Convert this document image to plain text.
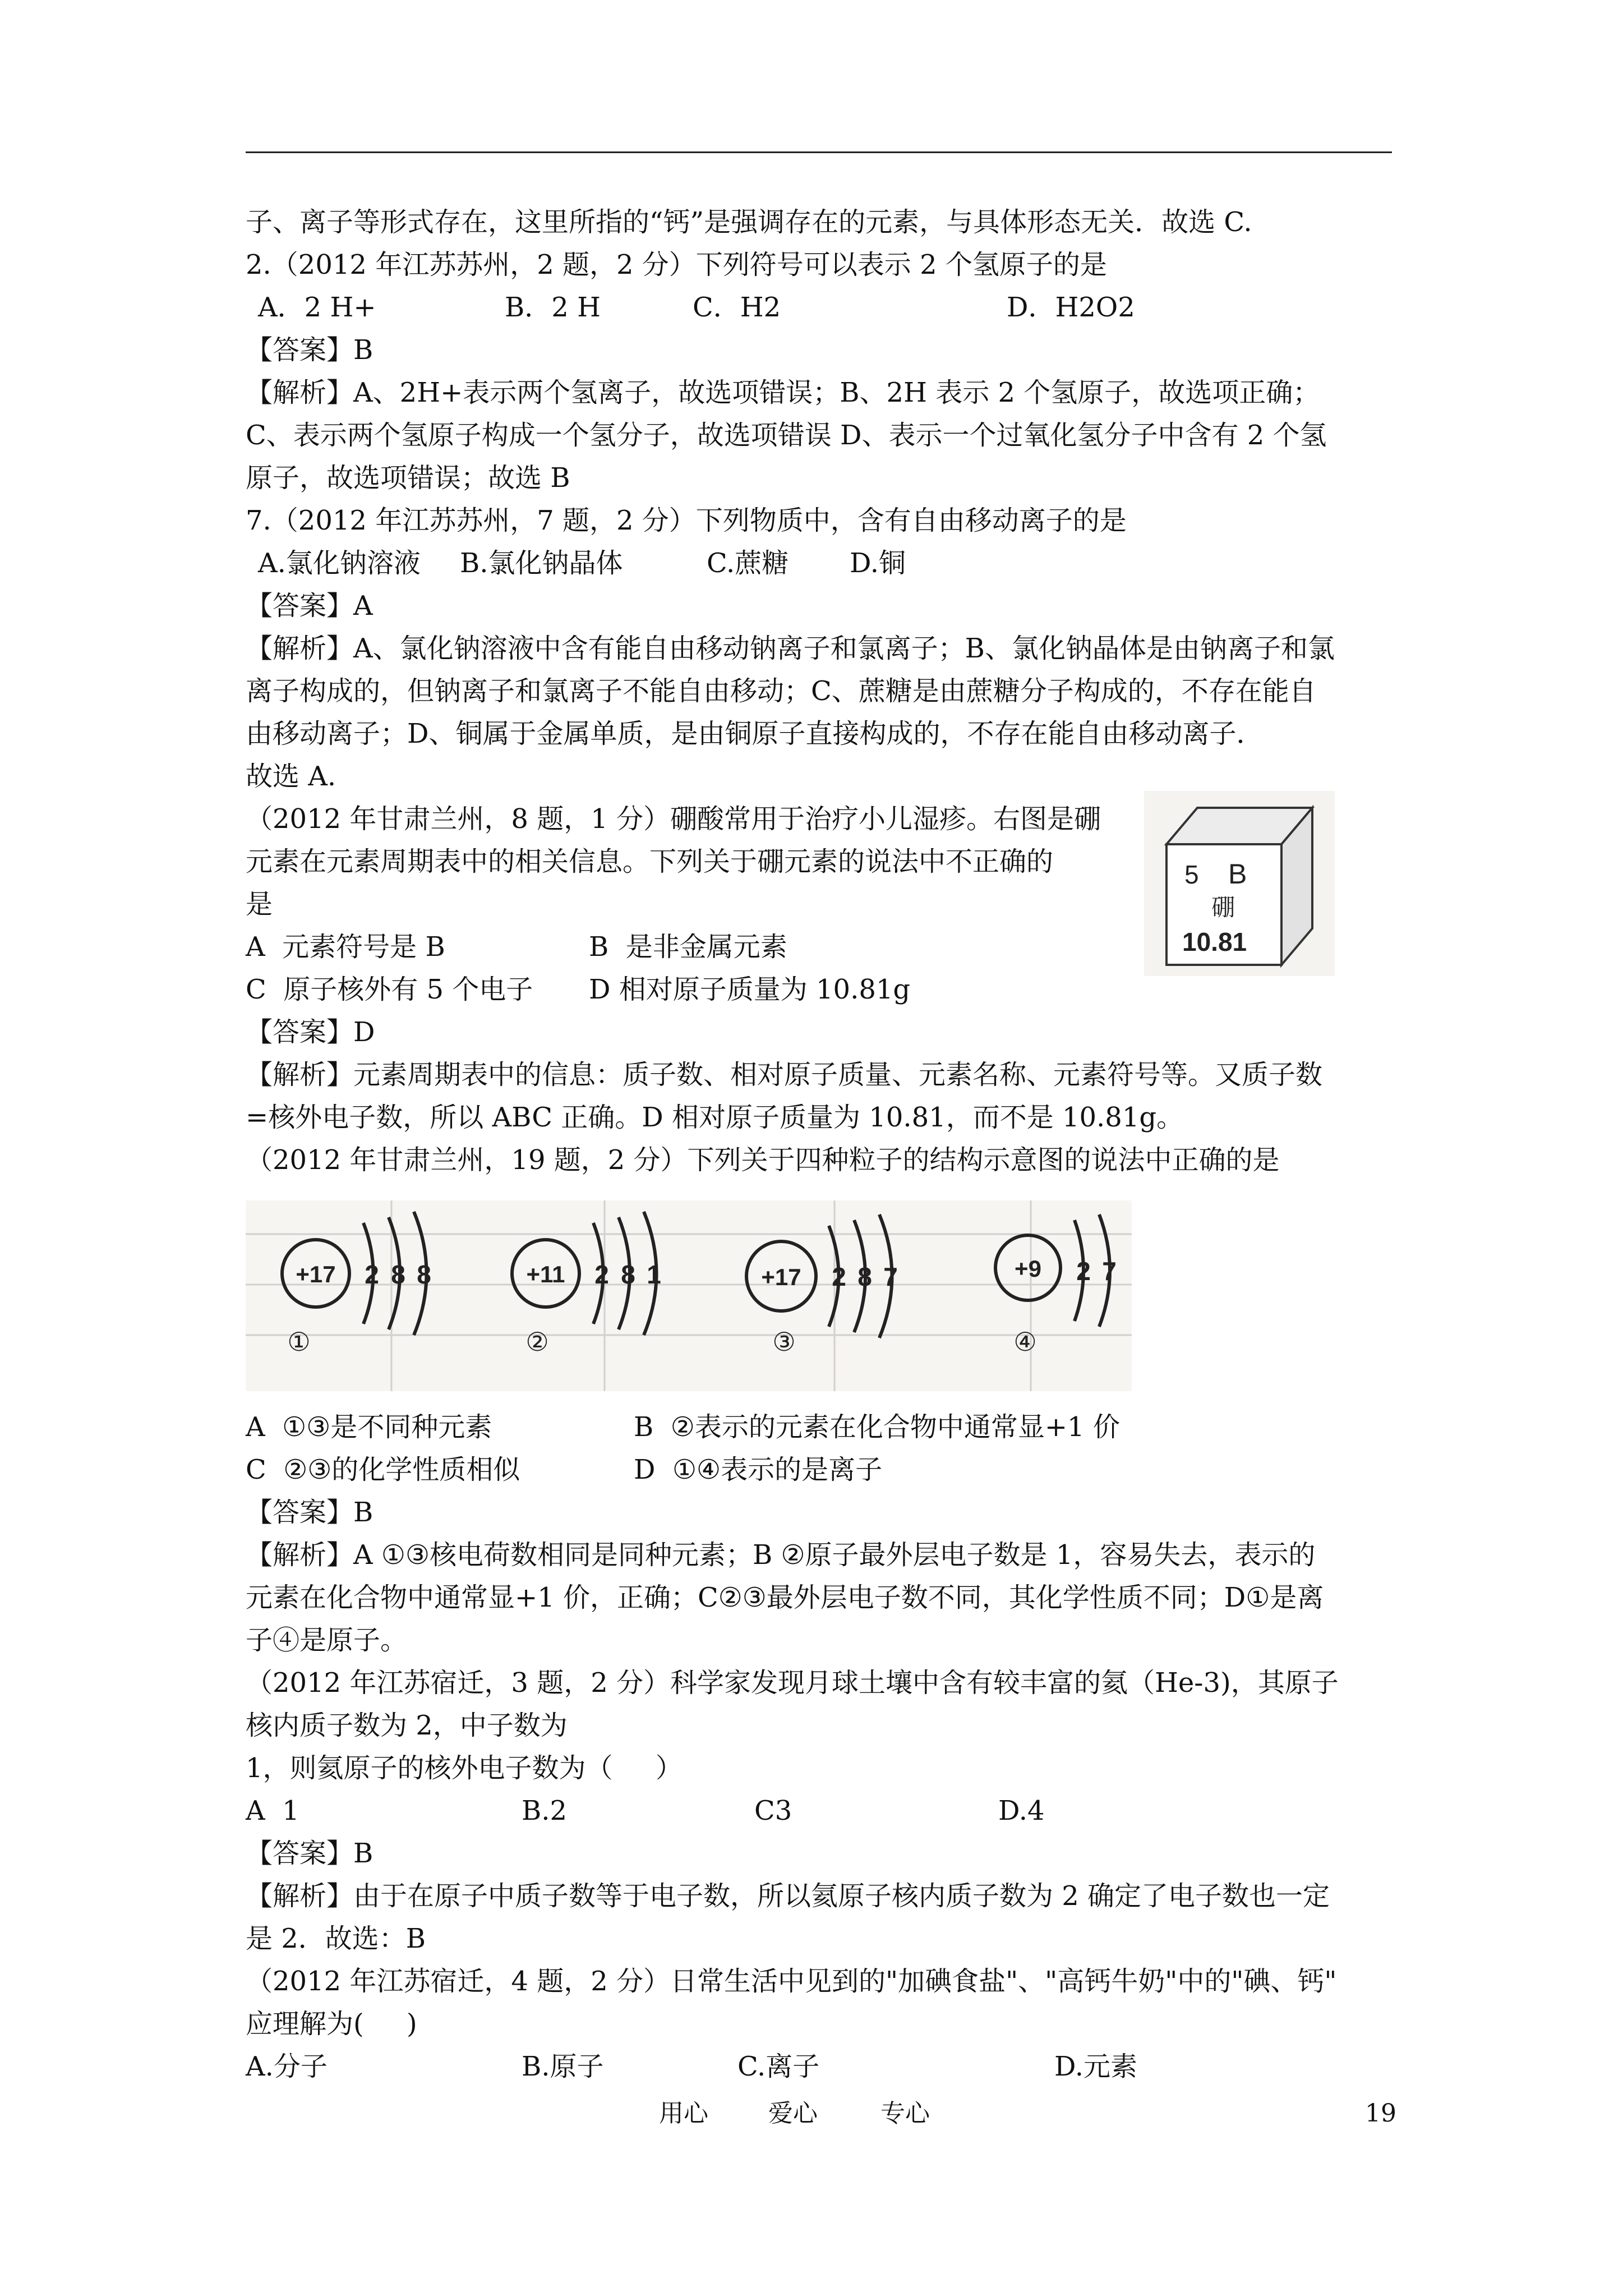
子、离子等形式存在，这里所指的“钙”是强调存在的元素，与具体形态无关．故选 C.
2.（2012 年江苏苏州，2 题，2 分）下列符号可以表示 2 个氢原子的是
A．2 H+	B．2 H	C．H2	D．H2O2
【答案】B
【解析】A、2H+表示两个氢离子，故选项错误；B、2H 表示 2 个氢原子，故选项正确；
C、表示两个氢原子构成一个氢分子，故选项错误 D、表示一个过氧化氢分子中含有 2 个氢
原子，故选项错误；故选 B
7.（2012 年江苏苏州，7 题，2 分）下列物质中，含有自由移动离子的是
A.氯化钠溶液 B.氯化钠晶体	C.蔗糖 D.铜
【答案】A
【解析】A、氯化钠溶液中含有能自由移动钠离子和氯离子；B、氯化钠晶体是由钠离子和氯
离子构成的，但钠离子和氯离子不能自由移动；C、蔗糖是由蔗糖分子构成的，不存在能自
由移动离子；D、铜属于金属单质，是由铜原子直接构成的，不存在能自由移动离子．
故选 A.
（2012 年甘肃兰州，8 题，1 分）硼酸常用于治疗小儿湿疹。右图是硼
元素在元素周期表中的相关信息。下列关于硼元素的说法中不正确的
是
A  元素符号是 B	B  是非金属元素
C  原子核外有 5 个电子 D 相对原子质量为 10.81g
【答案】D
【解析】元素周期表中的信息：质子数、相对原子质量、元素名称、元素符号等。又质子数
=核外电子数，所以 ABC 正确。D 相对原子质量为 10.81，而不是 10.81g。
5 B
硼
10.81
（2012 年甘肃兰州，19 题，2 分）下列关于四种粒子的结构示意图的说法中正确的是
+17 2 8 8
①
+11 2 8 1
②
+17 2 8 7
③
+9 2 7
④
A  ①③是不同种元素	B  ②表示的元素在化合物中通常显+1 价
C  ②③的化学性质相似	D  ①④表示的是离子
【答案】B
【解析】A ①③核电荷数相同是同种元素；B ②原子最外层电子数是 1，容易失去，表示的
元素在化合物中通常显+1 价，正确；C②③最外层电子数不同，其化学性质不同；D①是离
子④是原子。
（2012 年江苏宿迁，3 题，2 分）科学家发现月球土壤中含有较丰富的氦（He-3)，其原子
核内质子数为 2，中子数为
1，则氦原子的核外电子数为（     ）
A  1	B.2	C3	D.4
【答案】B
【解析】由于在原子中质子数等于电子数，所以氦原子核内质子数为 2 确定了电子数也一定
是 2．故选：B
（2012 年江苏宿迁，4 题，2 分）日常生活中见到的"加碘食盐"、"高钙牛奶"中的"碘、钙"
应理解为(     )
A.分子	B.原子	C.离子	D.元素
用心 爱心	专心	19
